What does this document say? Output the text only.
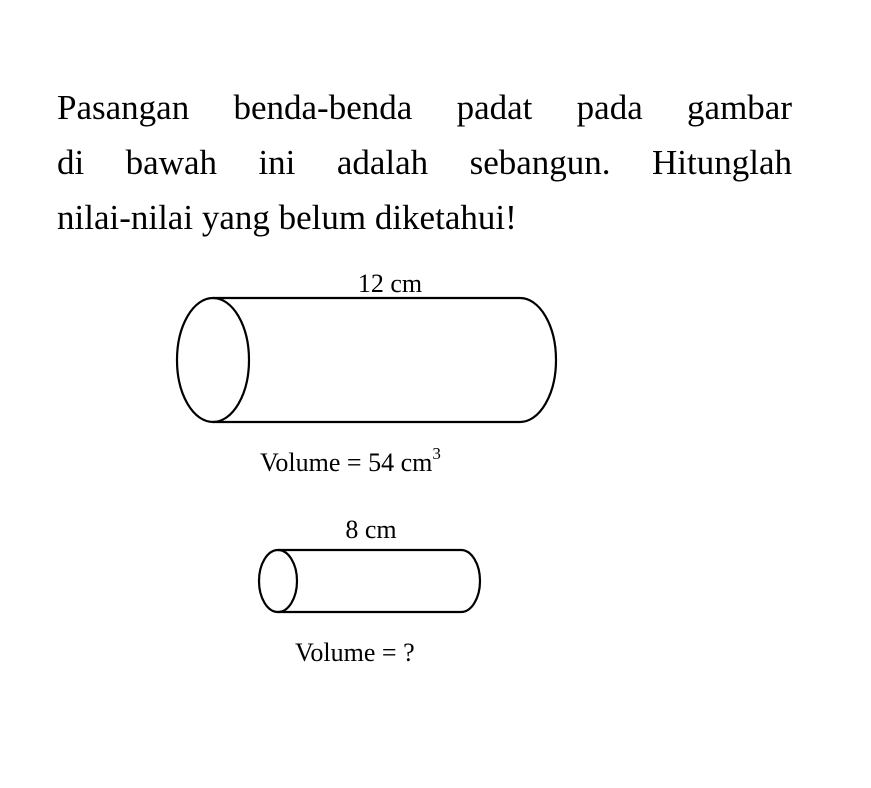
Pasangan benda-benda padat pada gambar
di bawah ini adalah sebangun. Hitunglah
nilai-nilai yang belum diketahui!
12 cm
Volume = 54 $cm^3$
8 cm
Volume = ?
